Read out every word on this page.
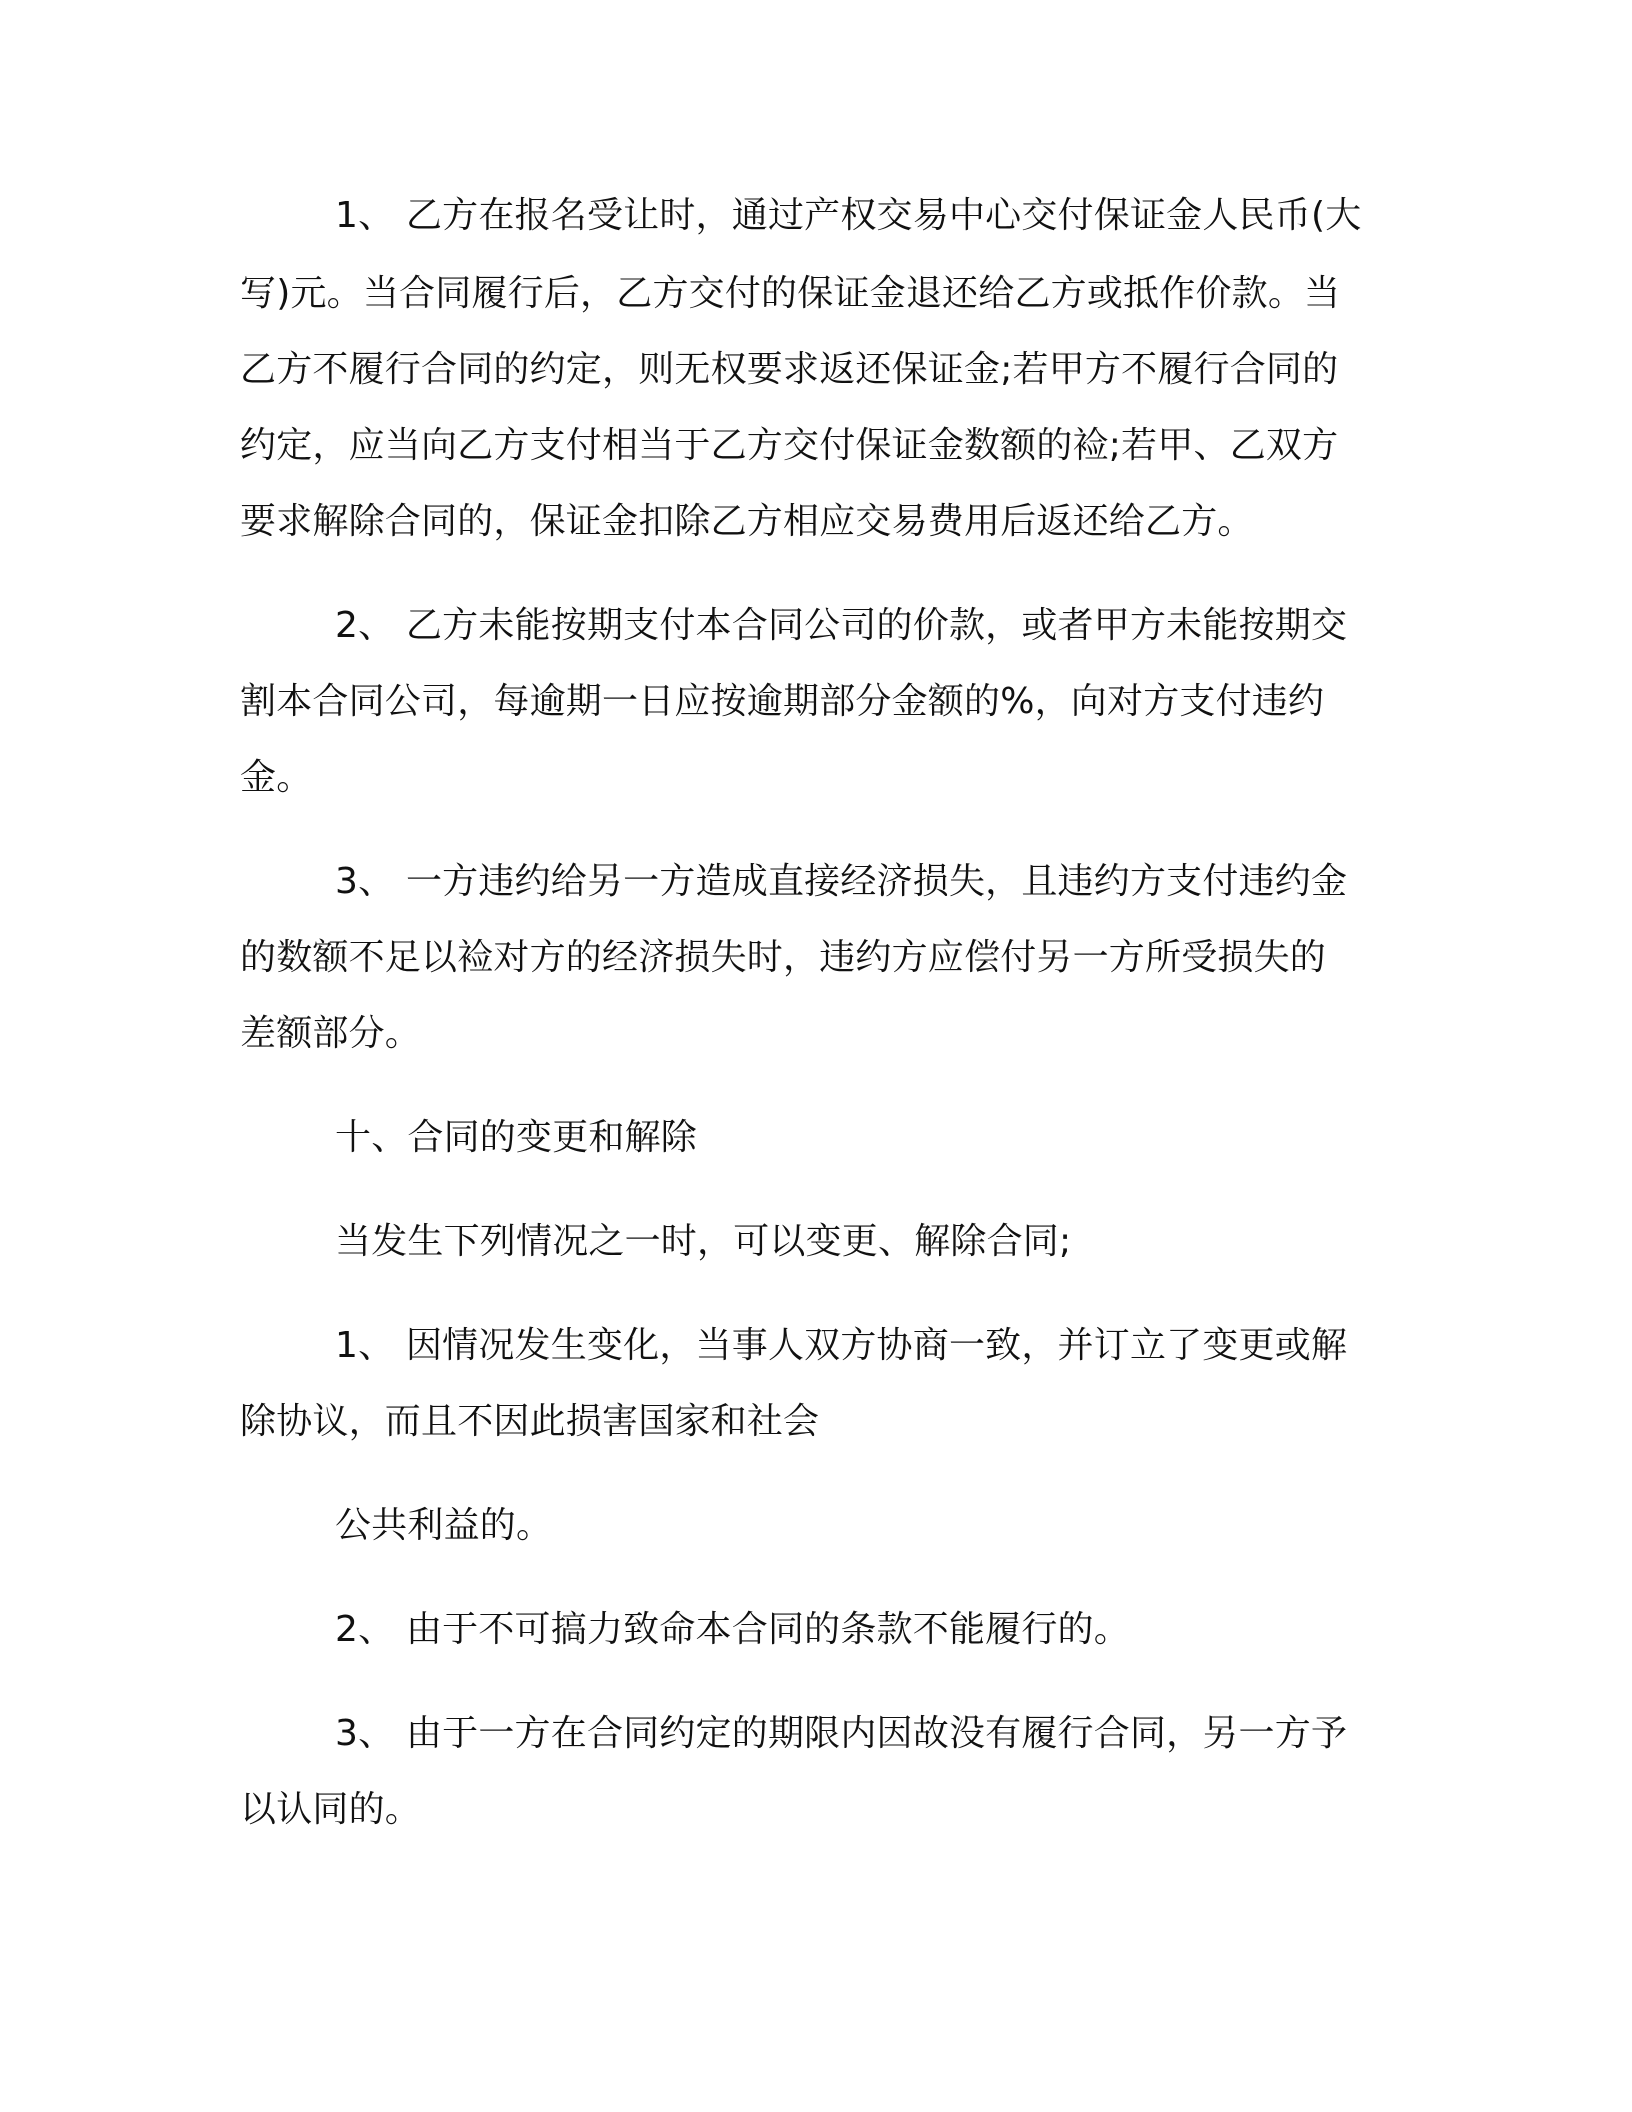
1、 乙方在报名受让时，通过产权交易中心交付保证金人民币(大
写)元。当合同履行后，乙方交付的保证金退还给乙方或抵作价款。当
乙方不履行合同的约定，则无权要求返还保证金;若甲方不履行合同的
约定，应当向乙方支付相当于乙方交付保证金数额的裣;若甲、乙双方
要求解除合同的，保证金扣除乙方相应交易费用后返还给乙方。
2、 乙方未能按期支付本合同公司的价款，或者甲方未能按期交
割本合同公司，每逾期一日应按逾期部分金额的%，向对方支付违约
金。
3、 一方违约给另一方造成直接经济损失，且违约方支付违约金
的数额不足以裣对方的经济损失时，违约方应偿付另一方所受损失的
差额部分。
十、合同的变更和解除
当发生下列情况之一时，可以变更、解除合同;
1、 因情况发生变化，当事人双方协商一致，并订立了变更或解
除协议，而且不因此损害国家和社会
公共利益的。
2、 由于不可搞力致命本合同的条款不能履行的。
3、 由于一方在合同约定的期限内因故没有履行合同，另一方予
以认同的。
